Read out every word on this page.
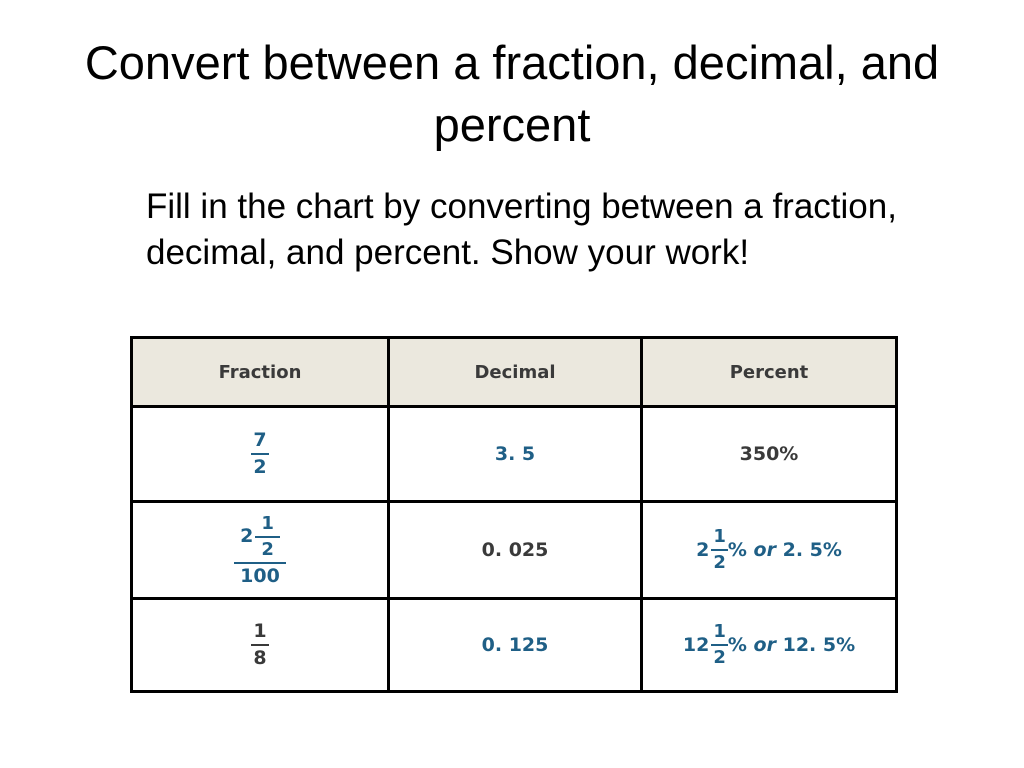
Convert between a fraction, decimal, and percent

Fill in the chart by converting between a fraction, decimal, and percent. Show your work!

Fraction	Decimal	Percent

$\frac{7}{2}$	3. 5	350%

$\frac{2 \frac{1}{2}}{100}$	0. 025	$2 \frac{1}{2}$ % or 2. 5%

$\frac{1}{8}$	0. 125	$12 \frac{1}{2}$ % or 12. 5%
